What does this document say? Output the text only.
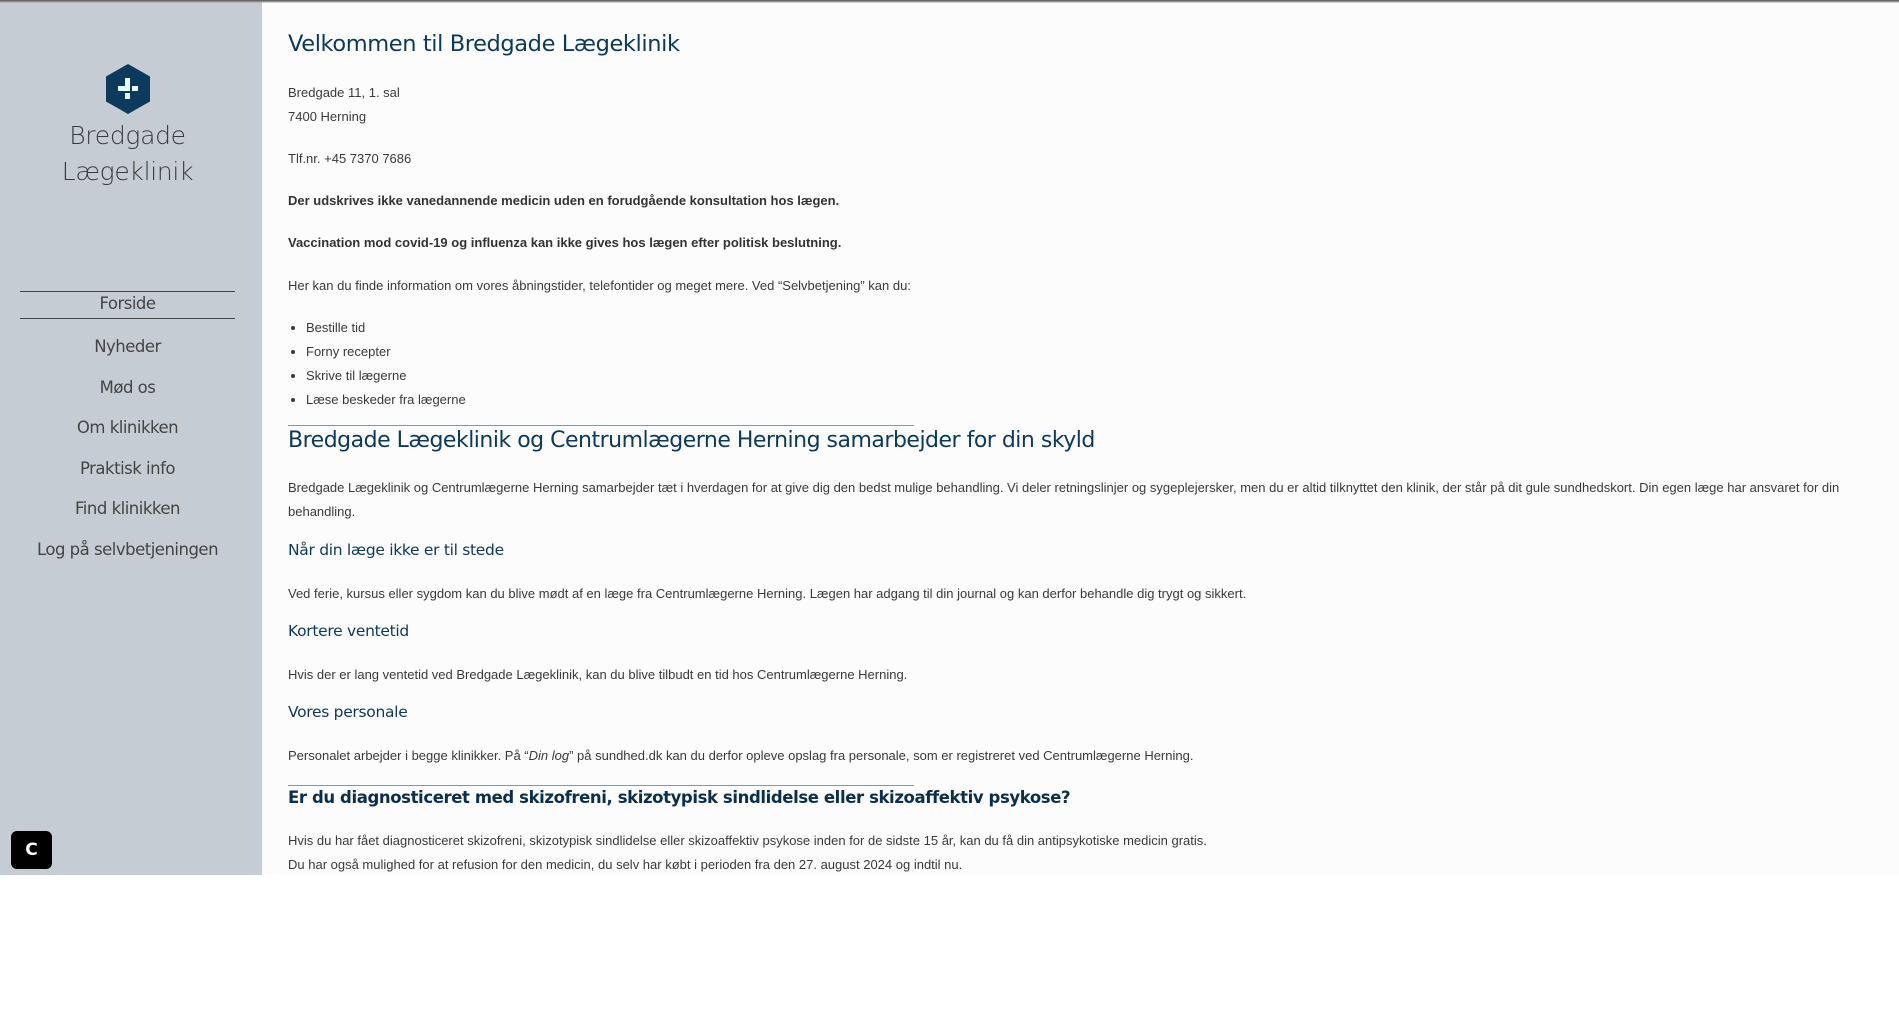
Bredgade
Lægeklinik
Forside
Nyheder
Mød os
Om klinikken
Praktisk info
Find klinikken
Log på selvbetjeningen
C
Velkommen til Bredgade Lægeklinik

Bredgade 11, 1. sal

7400 Herning

Tlf.nr. +45 7370 7686

Der udskrives ikke vanedannende medicin uden en forudgående konsultation hos lægen.

Vaccination mod covid-19 og influenza kan ikke gives hos lægen efter politisk beslutning.

Her kan du finde information om vores åbningstider, telefontider og meget mere. Ved “Selvbetjening” kan du:

• Bestille tid
• Forny recepter
• Skrive til lægerne
• Læse beskeder fra lægerne
Bredgade Lægeklinik og Centrumlægerne Herning samarbejder for din skyld

Bredgade Lægeklinik og Centrumlægerne Herning samarbejder tæt i hverdagen for at give dig den bedst mulige behandling. Vi deler retningslinjer og sygeplejersker, men du er altid tilknyttet den klinik, der står på dit gule sundhedskort. Din egen læge har ansvaret for din behandling.

Når din læge ikke er til stede

Ved ferie, kursus eller sygdom kan du blive mødt af en læge fra Centrumlægerne Herning. Lægen har adgang til din journal og kan derfor behandle dig trygt og sikkert.

Kortere ventetid

Hvis der er lang ventetid ved Bredgade Lægeklinik, kan du blive tilbudt en tid hos Centrumlægerne Herning.

Vores personale

Personalet arbejder i begge klinikker. På “Din log” på sundhed.dk kan du derfor opleve opslag fra personale, som er registreret ved Centrumlægerne Herning.

Er du diagnosticeret med skizofreni, skizotypisk sindlidelse eller skizoaffektiv psykose?

Hvis du har fået diagnosticeret skizofreni, skizotypisk sindlidelse eller skizoaffektiv psykose inden for de sidste 15 år, kan du få din antipsykotiske medicin gratis.

Du har også mulighed for at refusion for den medicin, du selv har købt i perioden fra den 27. august 2024 og indtil nu.
